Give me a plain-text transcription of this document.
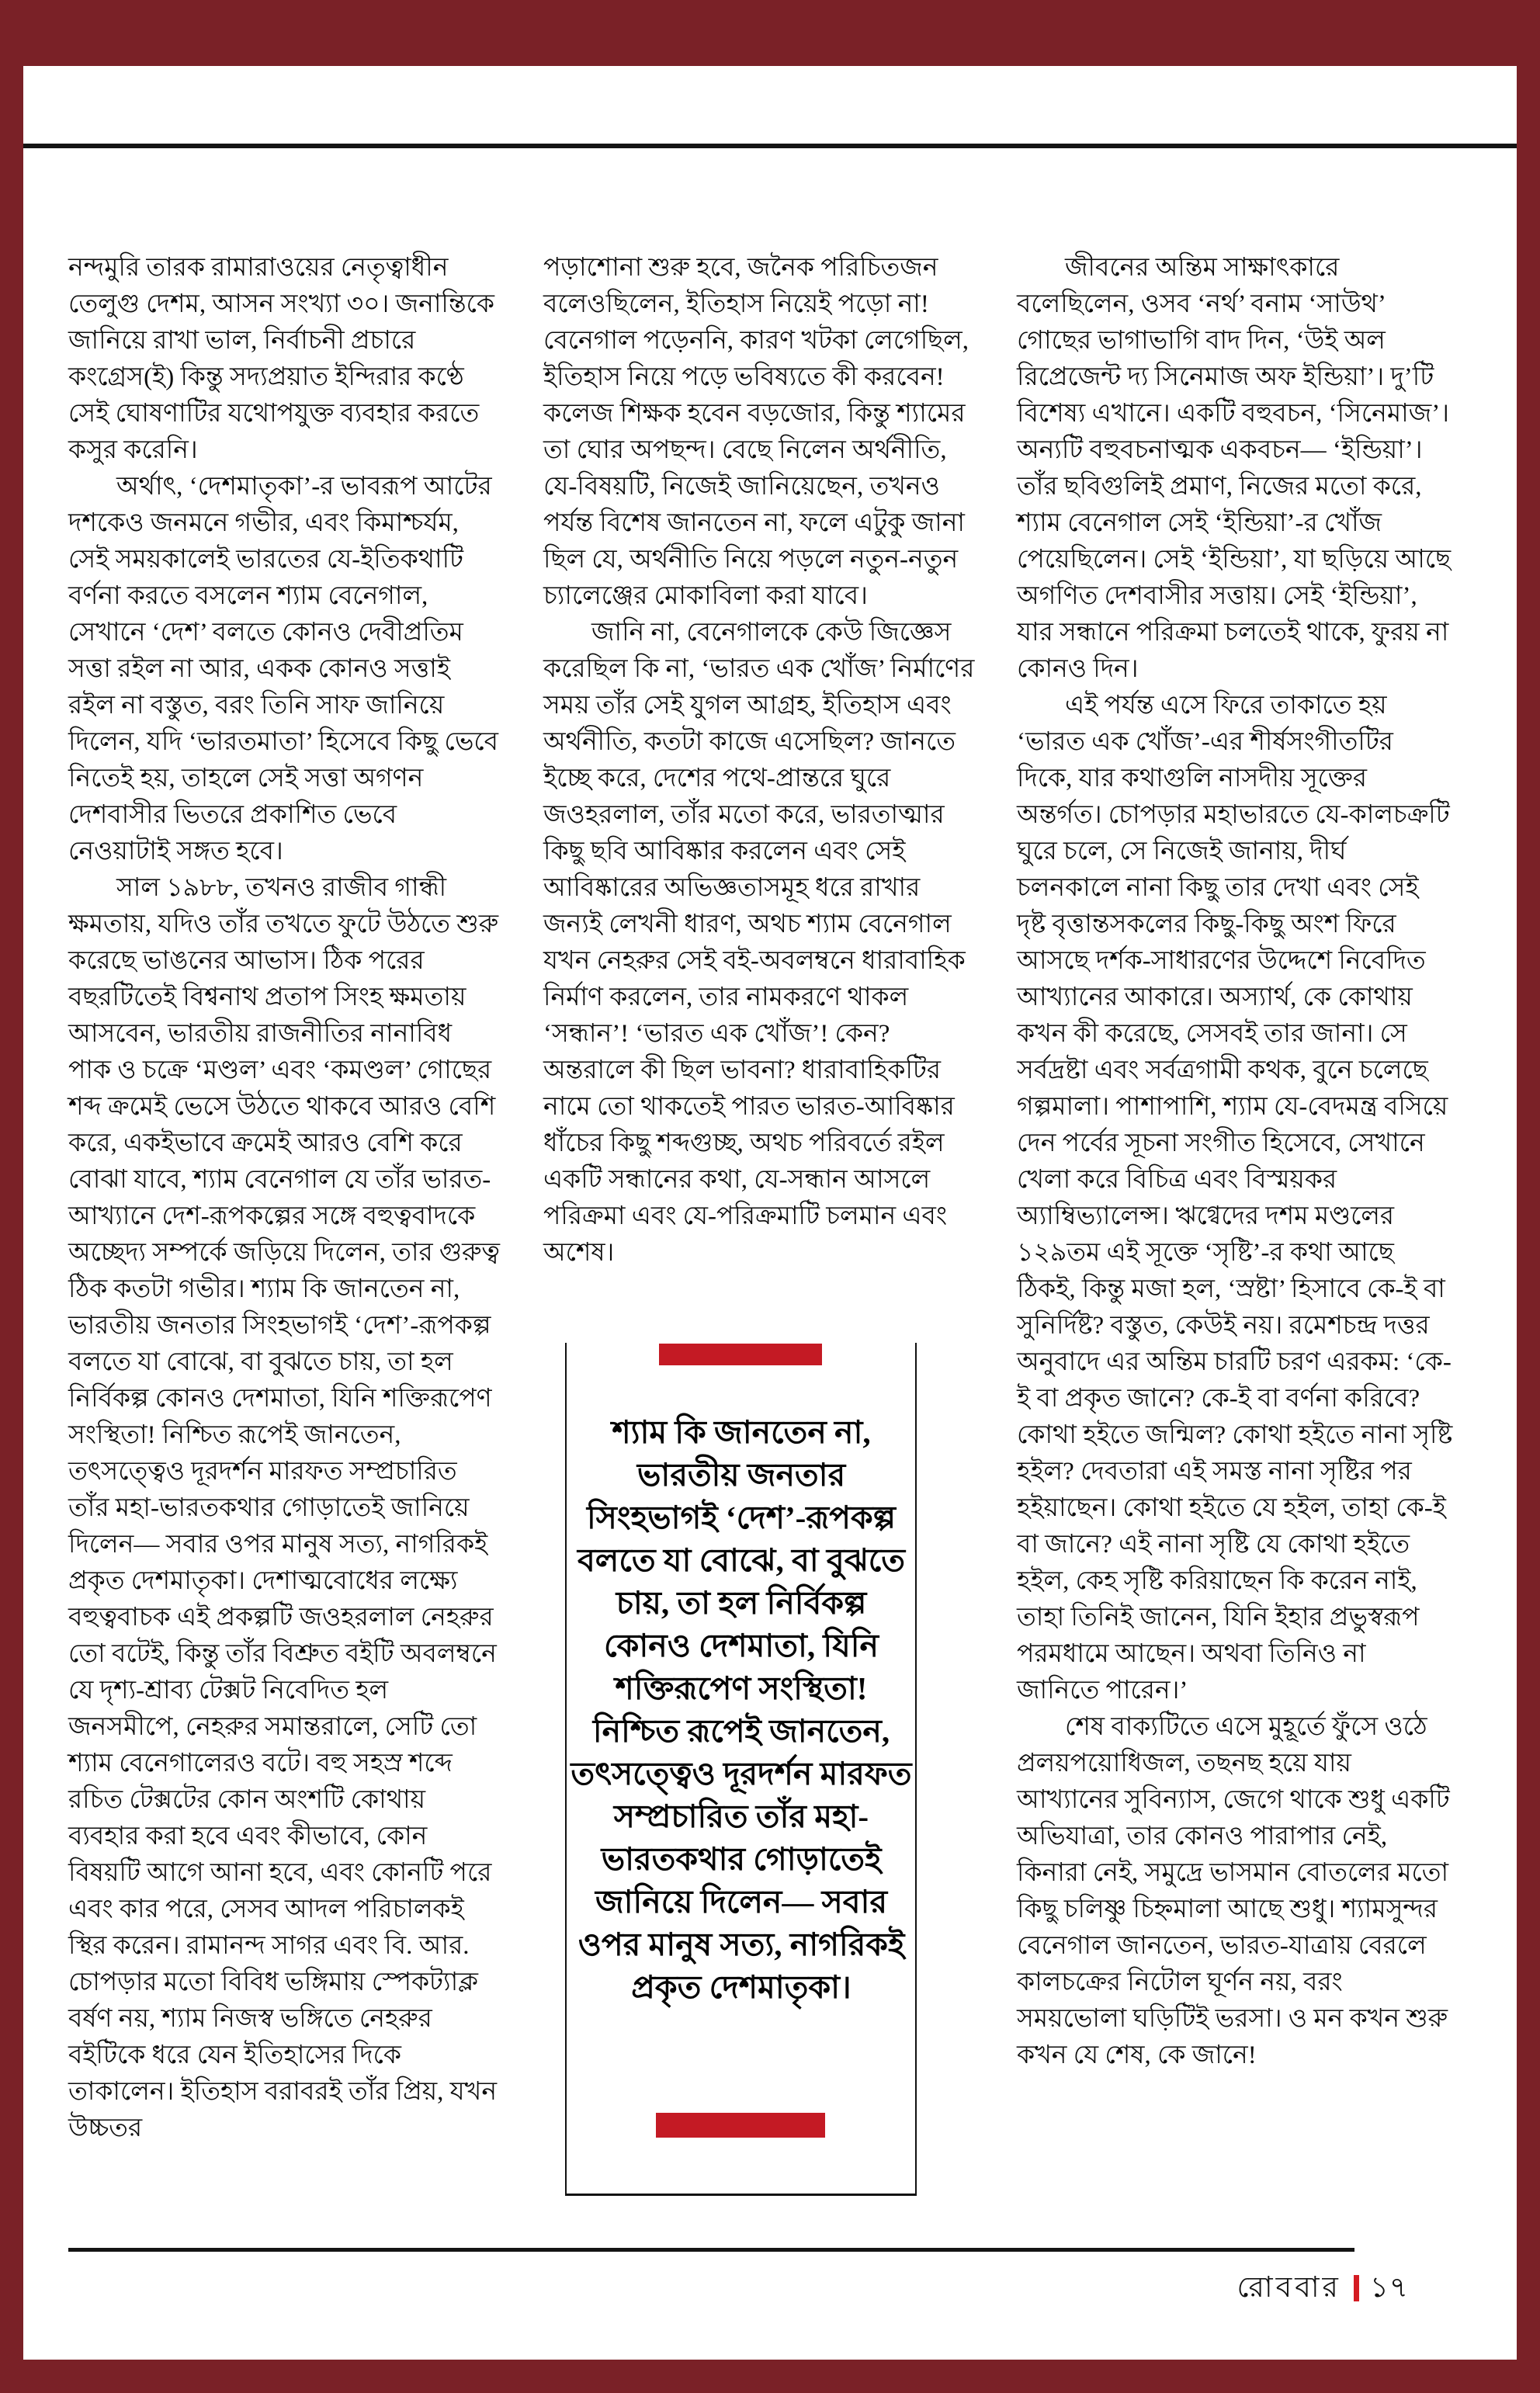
নন্দমুরি তারক রামারাওয়ের নেতৃত্বাধীন তেলুগু দেশম, আসন সংখ্যা ৩০। জনান্তিকে জানিয়ে রাখা ভাল, নির্বাচনী প্রচারে কংগ্রেস(ই) কিন্তু সদ্যপ্রয়াত ইন্দিরার কণ্ঠে সেই ঘোষণাটির যথোপযুক্ত ব্যবহার করতে কসুর করেনি।

অর্থাৎ, ‘দেশমাতৃকা’-র ভাবরূপ আটের দশকেও জনমনে গভীর, এবং কিমাশ্চর্যম, সেই সময়কালেই ভারতের যে-ইতিকথাটি বর্ণনা করতে বসলেন শ্যাম বেনেগাল, সেখানে ‘দেশ’ বলতে কোনও দেবীপ্রতিম সত্তা রইল না আর, একক কোনও সত্তাই রইল না বস্তুত, বরং তিনি সাফ জানিয়ে দিলেন, যদি ‘ভারতমাতা’ হিসেবে কিছু ভেবে নিতেই হয়, তাহলে সেই সত্তা অগণন দেশবাসীর ভিতরে প্রকাশিত ভেবে নেওয়াটাই সঙ্গত হবে।

সাল ১৯৮৮, তখনও রাজীব গান্ধী ক্ষমতায়, যদিও তাঁর তখতে ফুটে উঠতে শুরু করেছে ভাঙনের আভাস। ঠিক পরের বছরটিতেই বিশ্বনাথ প্রতাপ সিংহ ক্ষমতায় আসবেন, ভারতীয় রাজনীতির নানাবিধ পাক ও চক্রে ‘মণ্ডল’ এবং ‘কমণ্ডল’ গোছের শব্দ ক্রমেই ভেসে উঠতে থাকবে আরও বেশি করে, একইভাবে ক্রমেই আরও বেশি করে বোঝা যাবে, শ্যাম বেনেগাল যে তাঁর ভারত-আখ্যানে দেশ-রূপকল্পের সঙ্গে বহুত্ববাদকে অচ্ছেদ্য সম্পর্কে জড়িয়ে দিলেন, তার গুরুত্ব ঠিক কতটা গভীর। শ্যাম কি জানতেন না, ভারতীয় জনতার সিংহভাগই ‘দেশ’-রূপকল্প বলতে যা বোঝে, বা বুঝতে চায়, তা হল নির্বিকল্প কোনও দেশমাতা, যিনি শক্তিরূপেণ সংস্থিতা! নিশ্চিত রূপেই জানতেন, তৎসত্ত্বেও দূরদর্শন মারফত সম্প্রচারিত তাঁর মহা-ভারতকথার গোড়াতেই জানিয়ে দিলেন— সবার ওপর মানুষ সত্য, নাগরিকই প্রকৃত দেশমাতৃকা। দেশাত্মবোধের লক্ষ্যে বহুত্ববাচক এই প্রকল্পটি জওহরলাল নেহরুর তো বটেই, কিন্তু তাঁর বিশ্রুত বইটি অবলম্বনে যে দৃশ্য-শ্রাব্য টেক্সট নিবেদিত হল জনসমীপে, নেহরুর সমান্তরালে, সেটি তো শ্যাম বেনেগালেরও বটে। বহু সহস্র শব্দে রচিত টেক্সটের কোন অংশটি কোথায় ব্যবহার করা হবে এবং কীভাবে, কোন বিষয়টি আগে আনা হবে, এবং কোনটি পরে এবং কার পরে, সেসব আদল পরিচালকই স্থির করেন। রামানন্দ সাগর এবং বি. আর. চোপড়ার মতো বিবিধ ভঙ্গিমায় স্পেকট্যাক্ল বর্ষণ নয়, শ্যাম নিজস্ব ভঙ্গিতে নেহরুর বইটিকে ধরে যেন ইতিহাসের দিকে তাকালেন। ইতিহাস বরাবরই তাঁর প্রিয়, যখন উচ্চতর

পড়াশোনা শুরু হবে, জনৈক পরিচিতজন বলেওছিলেন, ইতিহাস নিয়েই পড়ো না! বেনেগাল পড়েননি, কারণ খটকা লেগেছিল, ইতিহাস নিয়ে পড়ে ভবিষ্যতে কী করবেন! কলেজ শিক্ষক হবেন বড়জোর, কিন্তু শ্যামের তা ঘোর অপছন্দ। বেছে নিলেন অর্থনীতি, যে-বিষয়টি, নিজেই জানিয়েছেন, তখনও পর্যন্ত বিশেষ জানতেন না, ফলে এটুকু জানা ছিল যে, অর্থনীতি নিয়ে পড়লে নতুন-নতুন চ্যালেঞ্জের মোকাবিলা করা যাবে।

জানি না, বেনেগালকে কেউ জিজ্ঞেস করেছিল কি না, ‘ভারত এক খোঁজ’ নির্মাণের সময় তাঁর সেই যুগল আগ্রহ, ইতিহাস এবং অর্থনীতি, কতটা কাজে এসেছিল? জানতে ইচ্ছে করে, দেশের পথে-প্রান্তরে ঘুরে জওহরলাল, তাঁর মতো করে, ভারতাত্মার কিছু ছবি আবিষ্কার করলেন এবং সেই আবিষ্কারের অভিজ্ঞতাসমূহ ধরে রাখার জন্যই লেখনী ধারণ, অথচ শ্যাম বেনেগাল যখন নেহরুর সেই বই-অবলম্বনে ধারাবাহিক নির্মাণ করলেন, তার নামকরণে থাকল ‘সন্ধান’! ‘ভারত এক খোঁজ’! কেন? অন্তরালে কী ছিল ভাবনা? ধারাবাহিকটির নামে তো থাকতেই পারত ভারত-আবিষ্কার ধাঁচের কিছু শব্দগুচ্ছ, অথচ পরিবর্তে রইল একটি সন্ধানের কথা, যে-সন্ধান আসলে পরিক্রমা এবং যে-পরিক্রমাটি চলমান এবং অশেষ।

জীবনের অন্তিম সাক্ষাৎকারে বলেছিলেন, ওসব ‘নর্থ’ বনাম ‘সাউথ’ গোছের ভাগাভাগি বাদ দিন, ‘উই অল রিপ্রেজেন্ট দ্য সিনেমাজ অফ ইন্ডিয়া’। দু’টি বিশেষ্য এখানে। একটি বহুবচন, ‘সিনেমাজ’। অন্যটি বহুবচনাত্মক একবচন— ‘ইন্ডিয়া’। তাঁর ছবিগুলিই প্রমাণ, নিজের মতো করে, শ্যাম বেনেগাল সেই ‘ইন্ডিয়া’-র খোঁজ পেয়েছিলেন। সেই ‘ইন্ডিয়া’, যা ছড়িয়ে আছে অগণিত দেশবাসীর সত্তায়। সেই ‘ইন্ডিয়া’, যার সন্ধানে পরিক্রমা চলতেই থাকে, ফুরয় না কোনও দিন।

এই পর্যন্ত এসে ফিরে তাকাতে হয় ‘ভারত এক খোঁজ’-এর শীর্ষসংগীতটির দিকে, যার কথাগুলি নাসদীয় সূক্তের অন্তর্গত। চোপড়ার মহাভারতে যে-কালচক্রটি ঘুরে চলে, সে নিজেই জানায়, দীর্ঘ চলনকালে নানা কিছু তার দেখা এবং সেই দৃষ্ট বৃত্তান্তসকলের কিছু-কিছু অংশ ফিরে আসছে দর্শক-সাধারণের উদ্দেশে নিবেদিত আখ্যানের আকারে। অস্যার্থ, কে কোথায় কখন কী করেছে, সেসবই তার জানা। সে সর্বদ্রষ্টা এবং সর্বত্রগামী কথক, বুনে চলেছে গল্পমালা। পাশাপাশি, শ্যাম যে-বেদমন্ত্র বসিয়ে দেন পর্বের সূচনা সংগীত হিসেবে, সেখানে খেলা করে বিচিত্র এবং বিস্ময়কর অ্যাম্বিভ্যালেন্স। ঋগ্বেদের দশম মণ্ডলের ১২৯তম এই সূক্তে ‘সৃষ্টি’-র কথা আছে ঠিকই, কিন্তু মজা হল, ‘স্রষ্টা’ হিসাবে কে-ই বা সুনির্দিষ্ট? বস্তুত, কেউই নয়। রমেশচন্দ্র দত্তর অনুবাদে এর অন্তিম চারটি চরণ এরকম: ‘কে-ই বা প্রকৃত জানে? কে-ই বা বর্ণনা করিবে? কোথা হইতে জন্মিল? কোথা হইতে নানা সৃষ্টি হইল? দেবতারা এই সমস্ত নানা সৃষ্টির পর হইয়াছেন। কোথা হইতে যে হইল, তাহা কে-ই বা জানে? এই নানা সৃষ্টি যে কোথা হইতে হইল, কেহ সৃষ্টি করিয়াছেন কি করেন নাই, তাহা তিনিই জানেন, যিনি ইহার প্রভুস্বরূপ পরমধামে আছেন। অথবা তিনিও না জানিতে পারেন।’

শেষ বাক্যটিতে এসে মুহূর্তে ফুঁসে ওঠে প্রলয়পয়োধিজল, তছনছ হয়ে যায় আখ্যানের সুবিন্যাস, জেগে থাকে শুধু একটি অভিযাত্রা, তার কোনও পারাপার নেই, কিনারা নেই, সমুদ্রে ভাসমান বোতলের মতো কিছু চলিষ্ণু চিহ্নমালা আছে শুধু। শ্যামসুন্দর বেনেগাল জানতেন, ভারত-যাত্রায় বেরলে কালচক্রের নিটোল ঘূর্ণন নয়, বরং সময়ভোলা ঘড়িটিই ভরসা। ও মন কখন শুরু কখন যে শেষ, কে জানে!

শ্যাম কি জানতেন না, ভারতীয় জনতার সিংহভাগই ‘দেশ’-রূপকল্প বলতে যা বোঝে, বা বুঝতে চায়, তা হল নির্বিকল্প কোনও দেশমাতা, যিনি শক্তিরূপেণ সংস্থিতা! নিশ্চিত রূপেই জানতেন, তৎসত্ত্বেও দূরদর্শন মারফত সম্প্রচারিত তাঁর মহা-ভারতকথার গোড়াতেই জানিয়ে দিলেন— সবার ওপর মানুষ সত্য, নাগরিকই প্রকৃত দেশমাতৃকা।
রোববার ১৭
